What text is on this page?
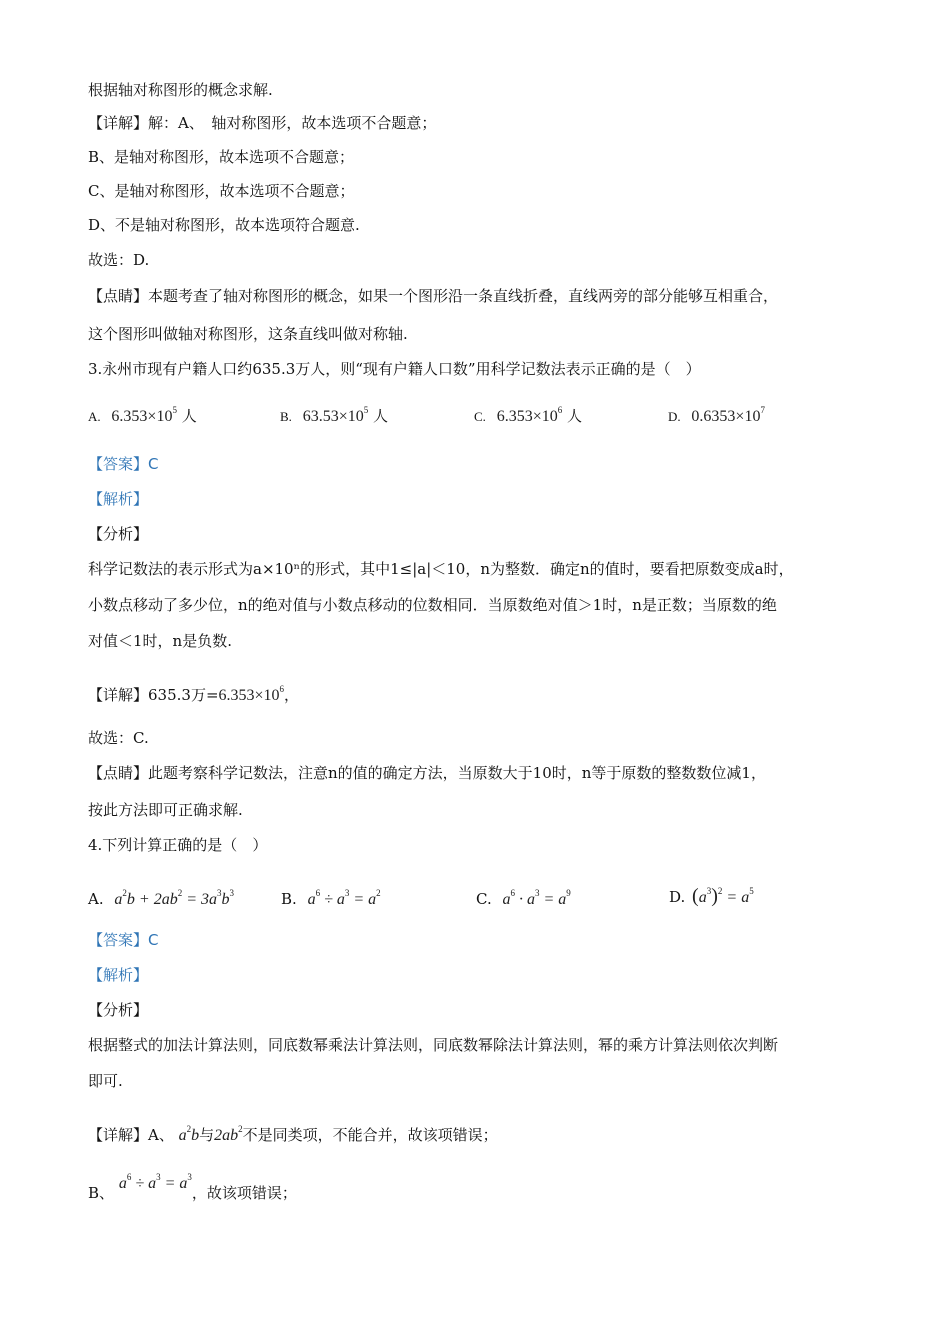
根据轴对称图形的概念求解.
【详解】解：A、　轴对称图形，故本选项不合题意；
B、是轴对称图形，故本选项不合题意；
C、是轴对称图形，故本选项不合题意；
D、不是轴对称图形，故本选项符合题意.
故选：D.
【点睛】本题考查了轴对称图形的概念，如果一个图形沿一条直线折叠，直线两旁的部分能够互相重合，
这个图形叫做轴对称图形，这条直线叫做对称轴.
3.永州市现有户籍人口约635.3万人，则“现有户籍人口数”用科学记数法表示正确的是（　）
A. $6.353\times 10^5$ 人	B. $63.53\times 10^5$ 人	C. $6.353\times 10^6$ 人	D. $0.6353\times 10^7$
【答案】C
【解析】
【分析】
科学记数法的表示形式为a×10ⁿ的形式，其中1≤|a|＜10，n为整数．确定n的值时，要看把原数变成a时，
小数点移动了多少位，n的绝对值与小数点移动的位数相同．当原数绝对值＞1时，n是正数；当原数的绝
对值＜1时，n是负数.
【详解】635.3万$=6.353\times 10^6$，
故选：C.
【点睛】此题考察科学记数法，注意n的值的确定方法，当原数大于10时，n等于原数的整数数位减1，
按此方法即可正确求解.
4.下列计算正确的是（　）
A. $a^2b + 2ab^2 = 3a^3b^3$	B. $a^6 \div a^3 = a^2$	C. $a^6 \cdot a^3 = a^9$	D. $(a^3)^2 = a^5$
【答案】C
【解析】
【分析】
根据整式的加法计算法则，同底数幂乘法计算法则，同底数幂除法计算法则，幂的乘方计算法则依次判断
即可.
【详解】A、 $a^2b$与$2ab^2$不是同类项，不能合并，故该项错误；
B、 $a^6 \div a^3 = a^3$，故该项错误；
